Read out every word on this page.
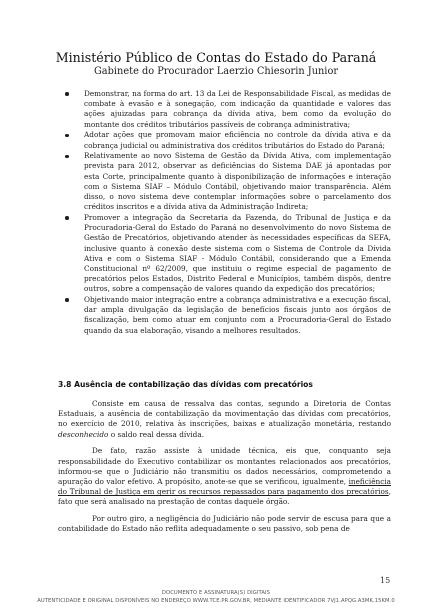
Ministério Público de Contas do Estado do Paraná
Gabinete do Procurador Laerzio Chiesorin Junior
Demonstrar, na forma do art. 13 da Lei de Responsabilidade Fiscal, as medidas de combate à evasão e à sonegação, com indicação da quantidade e valores das ações ajuizadas para cobrança da dívida ativa, bem como da evolução do montante dos créditos tributários passíveis de cobrança administrativa;
Adotar ações que promovam maior eficiência no controle da dívida ativa e da cobrança judicial ou administrativa dos créditos tributários do Estado do Paraná;
Relativamente ao novo Sistema de Gestão da Dívida Ativa, com implementação prevista para 2012, observar as deficiências do Sistema DAE já apontadas por esta Corte, principalmente quanto à disponibilização de informações e interação com o Sistema SIAF – Módulo Contábil, objetivando maior transparência. Além disso, o novo sistema deve contemplar informações sobre o parcelamento dos créditos inscritos e a dívida ativa da Administração Indireta;
Promover a integração da Secretaria da Fazenda, do Tribunal de Justiça e da Procuradoria-Geral do Estado do Paraná no desenvolvimento do novo Sistema de Gestão de Precatórios, objetivando atender às necessidades específicas da SEFA, inclusive quanto à conexão deste sistema com o Sistema de Controle da Dívida Ativa e com o Sistema SIAF - Módulo Contábil, considerando que a Emenda Constitucional nº 62/2009, que instituiu o regime especial de pagamento de precatórios pelos Estados, Distrito Federal e Municípios, também dispôs, dentre outros, sobre a compensação de valores quando da expedição dos precatórios;
Objetivando maior integração entre a cobrança administrativa e a execução fiscal, dar ampla divulgação da legislação de benefícios fiscais junto aos órgãos de fiscalização, bem como atuar em conjunto com a Procuradoria-Geral do Estado quando da sua elaboração, visando a melhores resultados.
3.8 Ausência de contabilização das dívidas com precatórios

Consiste em causa de ressalva das contas, segundo a Diretoria de Contas Estaduais, a ausência de contabilização da movimentação das dívidas com precatórios, no exercício de 2010, relativa às inscrições, baixas e atualização monetária, restando desconhecido o saldo real dessa dívida.

De fato, razão assiste à unidade técnica, eis que, conquanto seja responsabilidade do Executivo contabilizar os montantes relacionados aos precatórios, informou-se que o Judiciário não transmitiu os dados necessários, comprometendo a apuração do valor efetivo. A propósito, anote-se que se verificou, igualmente, ineficiência do Tribunal de Justiça em gerir os recursos repassados para pagamento dos precatórios, fato que será analisado na prestação de contas daquele órgão.

Por outro giro, a negligência do Judiciário não pode servir de escusa para que a contabilidade do Estado não reflita adequadamente o seu passivo, sob pena de

15
DOCUMENTO E ASSINATURA(S) DIGITAIS
AUTENTICIDADE E ORIGINAL DISPONÍVEIS NO ENDEREÇO WWW.TCE.PR.GOV.BR, MEDIANTE IDENTIFICADOR 7VJ1.APQG.A3MK.15KM.0
